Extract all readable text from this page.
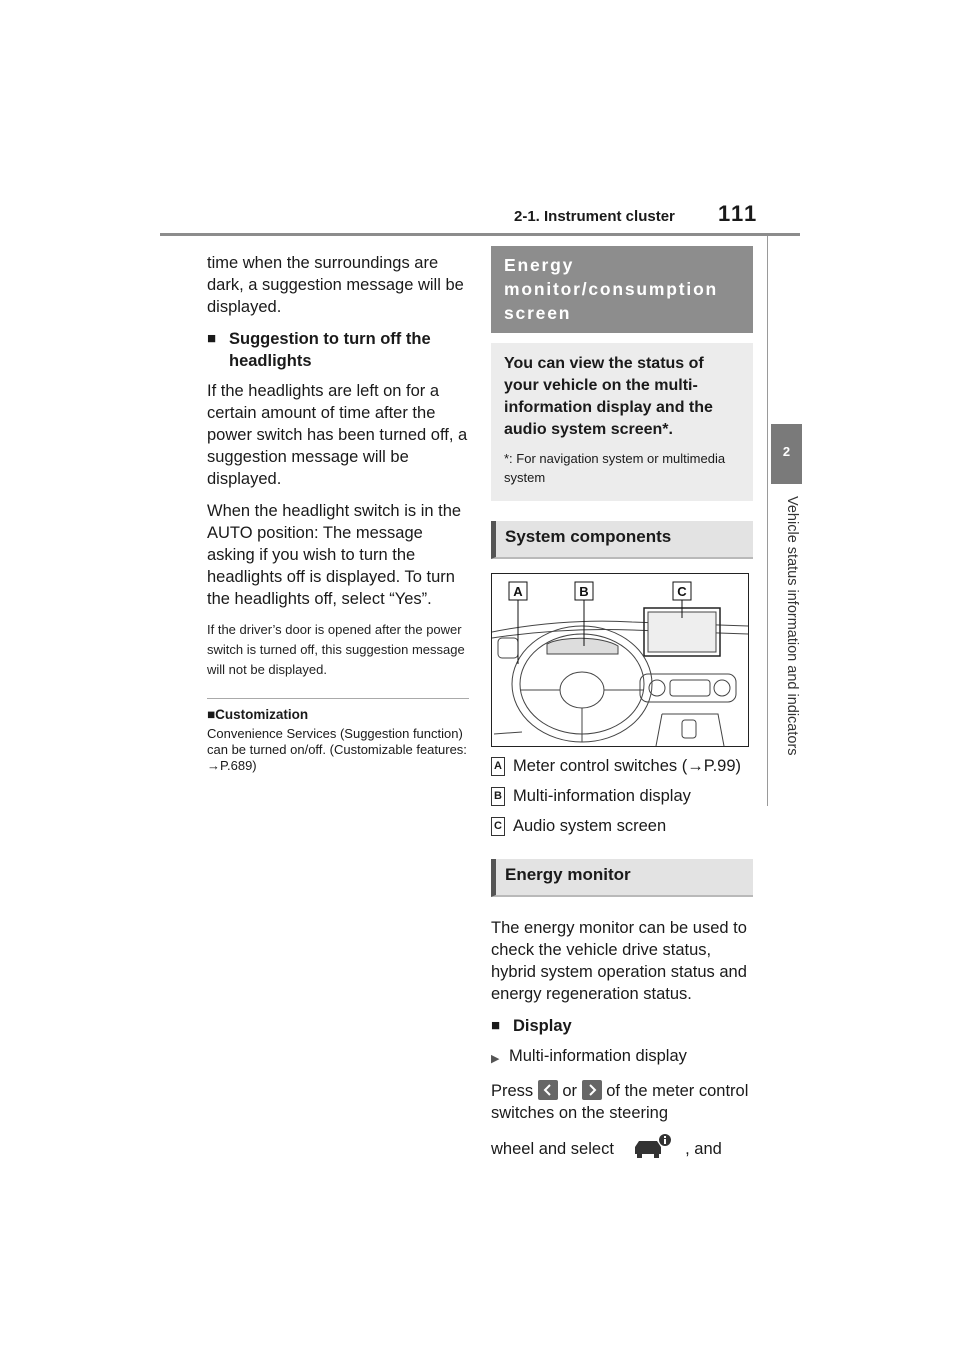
2-1. Instrument cluster 111
2
Vehicle status information and indicators

time when the surroundings are dark, a suggestion message will be displayed.

■ Suggestion to turn off the headlights

If the headlights are left on for a certain amount of time after the power switch has been turned off, a suggestion message will be displayed.

When the headlight switch is in the AUTO position: The message asking if you wish to turn the headlights off is displayed. To turn the headlights off, select “Yes”.

If the driver’s door is opened after the power switch is turned off, this suggestion message will not be displayed.

■Customization

Convenience Services (Suggestion function) can be turned on/off. (Customizable features: →P.689)

Energy monitor/consumption screen

You can view the status of your vehicle on the multi-information display and the audio system screen*.

*: For navigation system or multimedia system

System components
A	B	C
A Meter control switches (→P.99)
B Multi-information display
C Audio system screen
Energy monitor

The energy monitor can be used to check the vehicle drive status, hybrid system operation status and energy regeneration status.

■ Display
▶ Multi-information display

Press or of the meter control switches on the steering

wheel and select	, and
